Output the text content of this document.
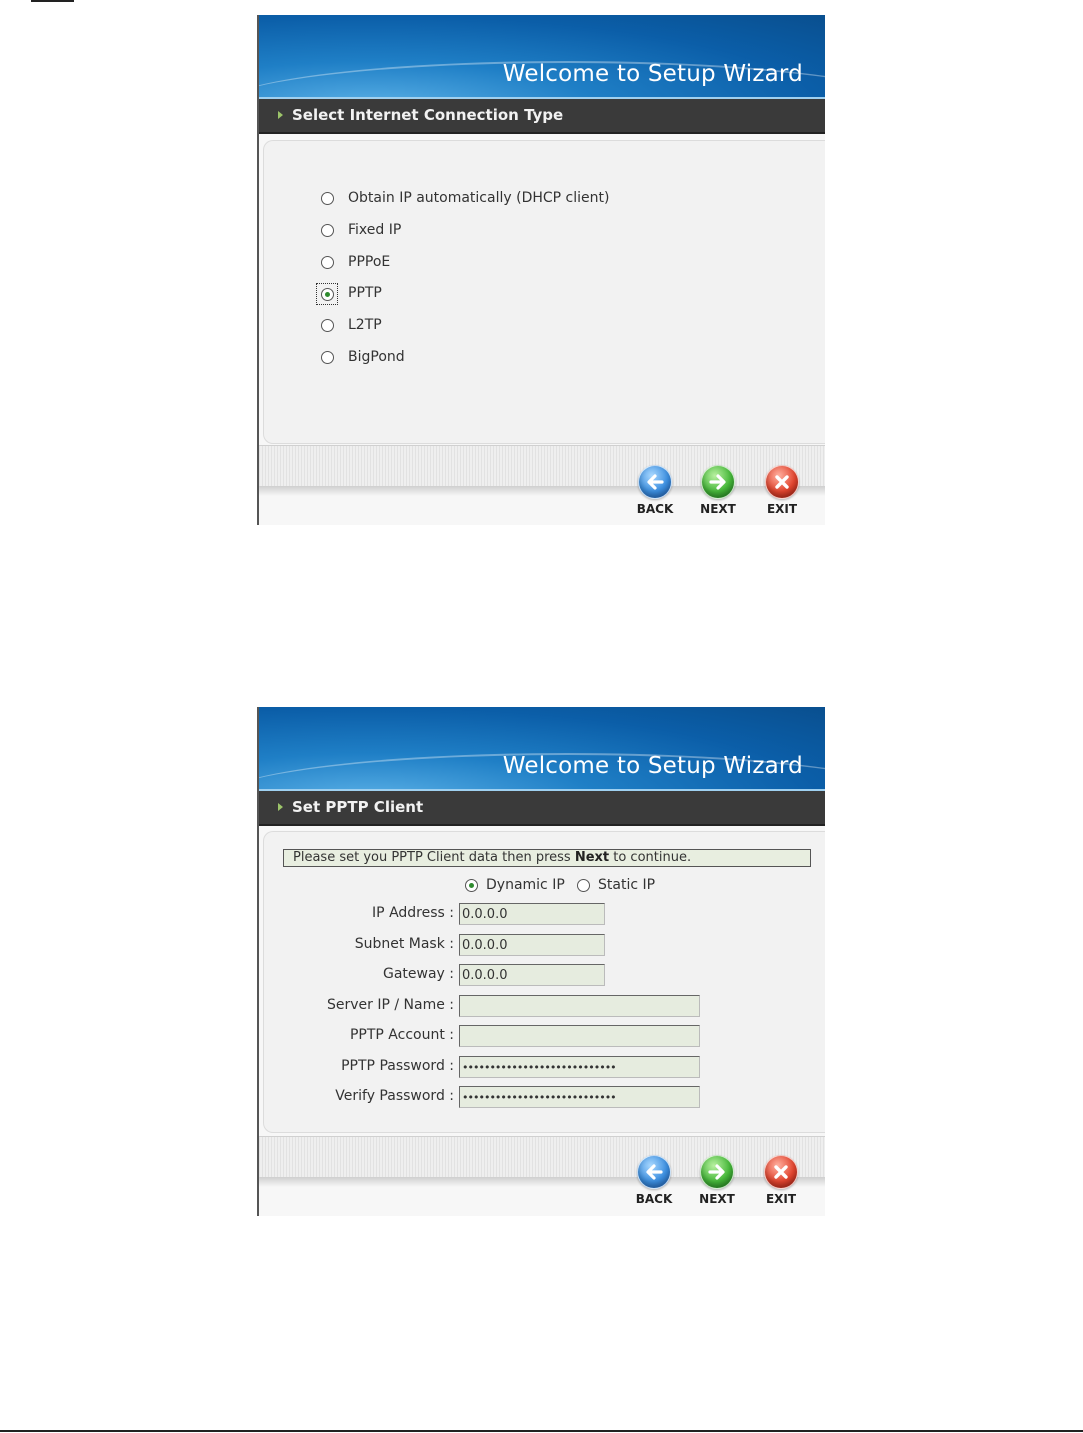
Welcome to Setup Wizard
Select Internet Connection Type
Obtain IP automatically (DHCP client)
Fixed IP
PPPoE
PPTP
L2TP
BigPond
BACK NEXT	EXIT
Welcome to Setup Wizard
Set PPTP Client
Please set you PPTP Client data then press Next to continue.
Dynamic IP Static IP
IP Address :
0.0.0.0
Subnet Mask :
0.0.0.0
Gateway :
0.0.0.0
Server IP / Name :
PPTP Account :
PPTP Password :
••••••••••••••••••••••••••••
Verify Password :
••••••••••••••••••••••••••••
BACK NEXT	EXIT
